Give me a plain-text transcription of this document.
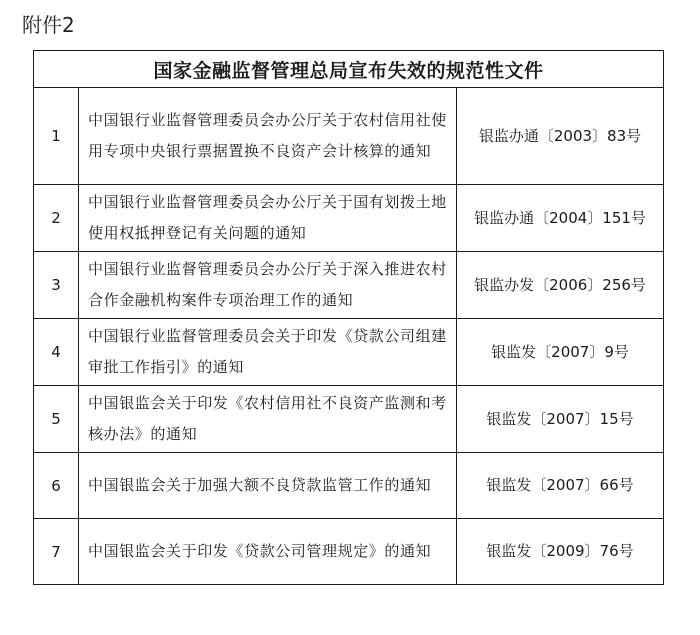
附件2
国家金融监督管理总局宣布失效的规范性文件		
1	中国银行业监督管理委员会办公厅关于农村信用社使用专项中央银行票据置换不良资产会计核算的通知	银监办通〔2003〕83号
2	中国银行业监督管理委员会办公厅关于国有划拨土地使用权抵押登记有关问题的通知	银监办通〔2004〕151号
3	中国银行业监督管理委员会办公厅关于深入推进农村合作金融机构案件专项治理工作的通知	银监办发〔2006〕256号
4	中国银行业监督管理委员会关于印发《贷款公司组建审批工作指引》的通知	银监发〔2007〕9号
5	中国银监会关于印发《农村信用社不良资产监测和考核办法》的通知	银监发〔2007〕15号
6	中国银监会关于加强大额不良贷款监管工作的通知	银监发〔2007〕66号
7	中国银监会关于印发《贷款公司管理规定》的通知	银监发〔2009〕76号
